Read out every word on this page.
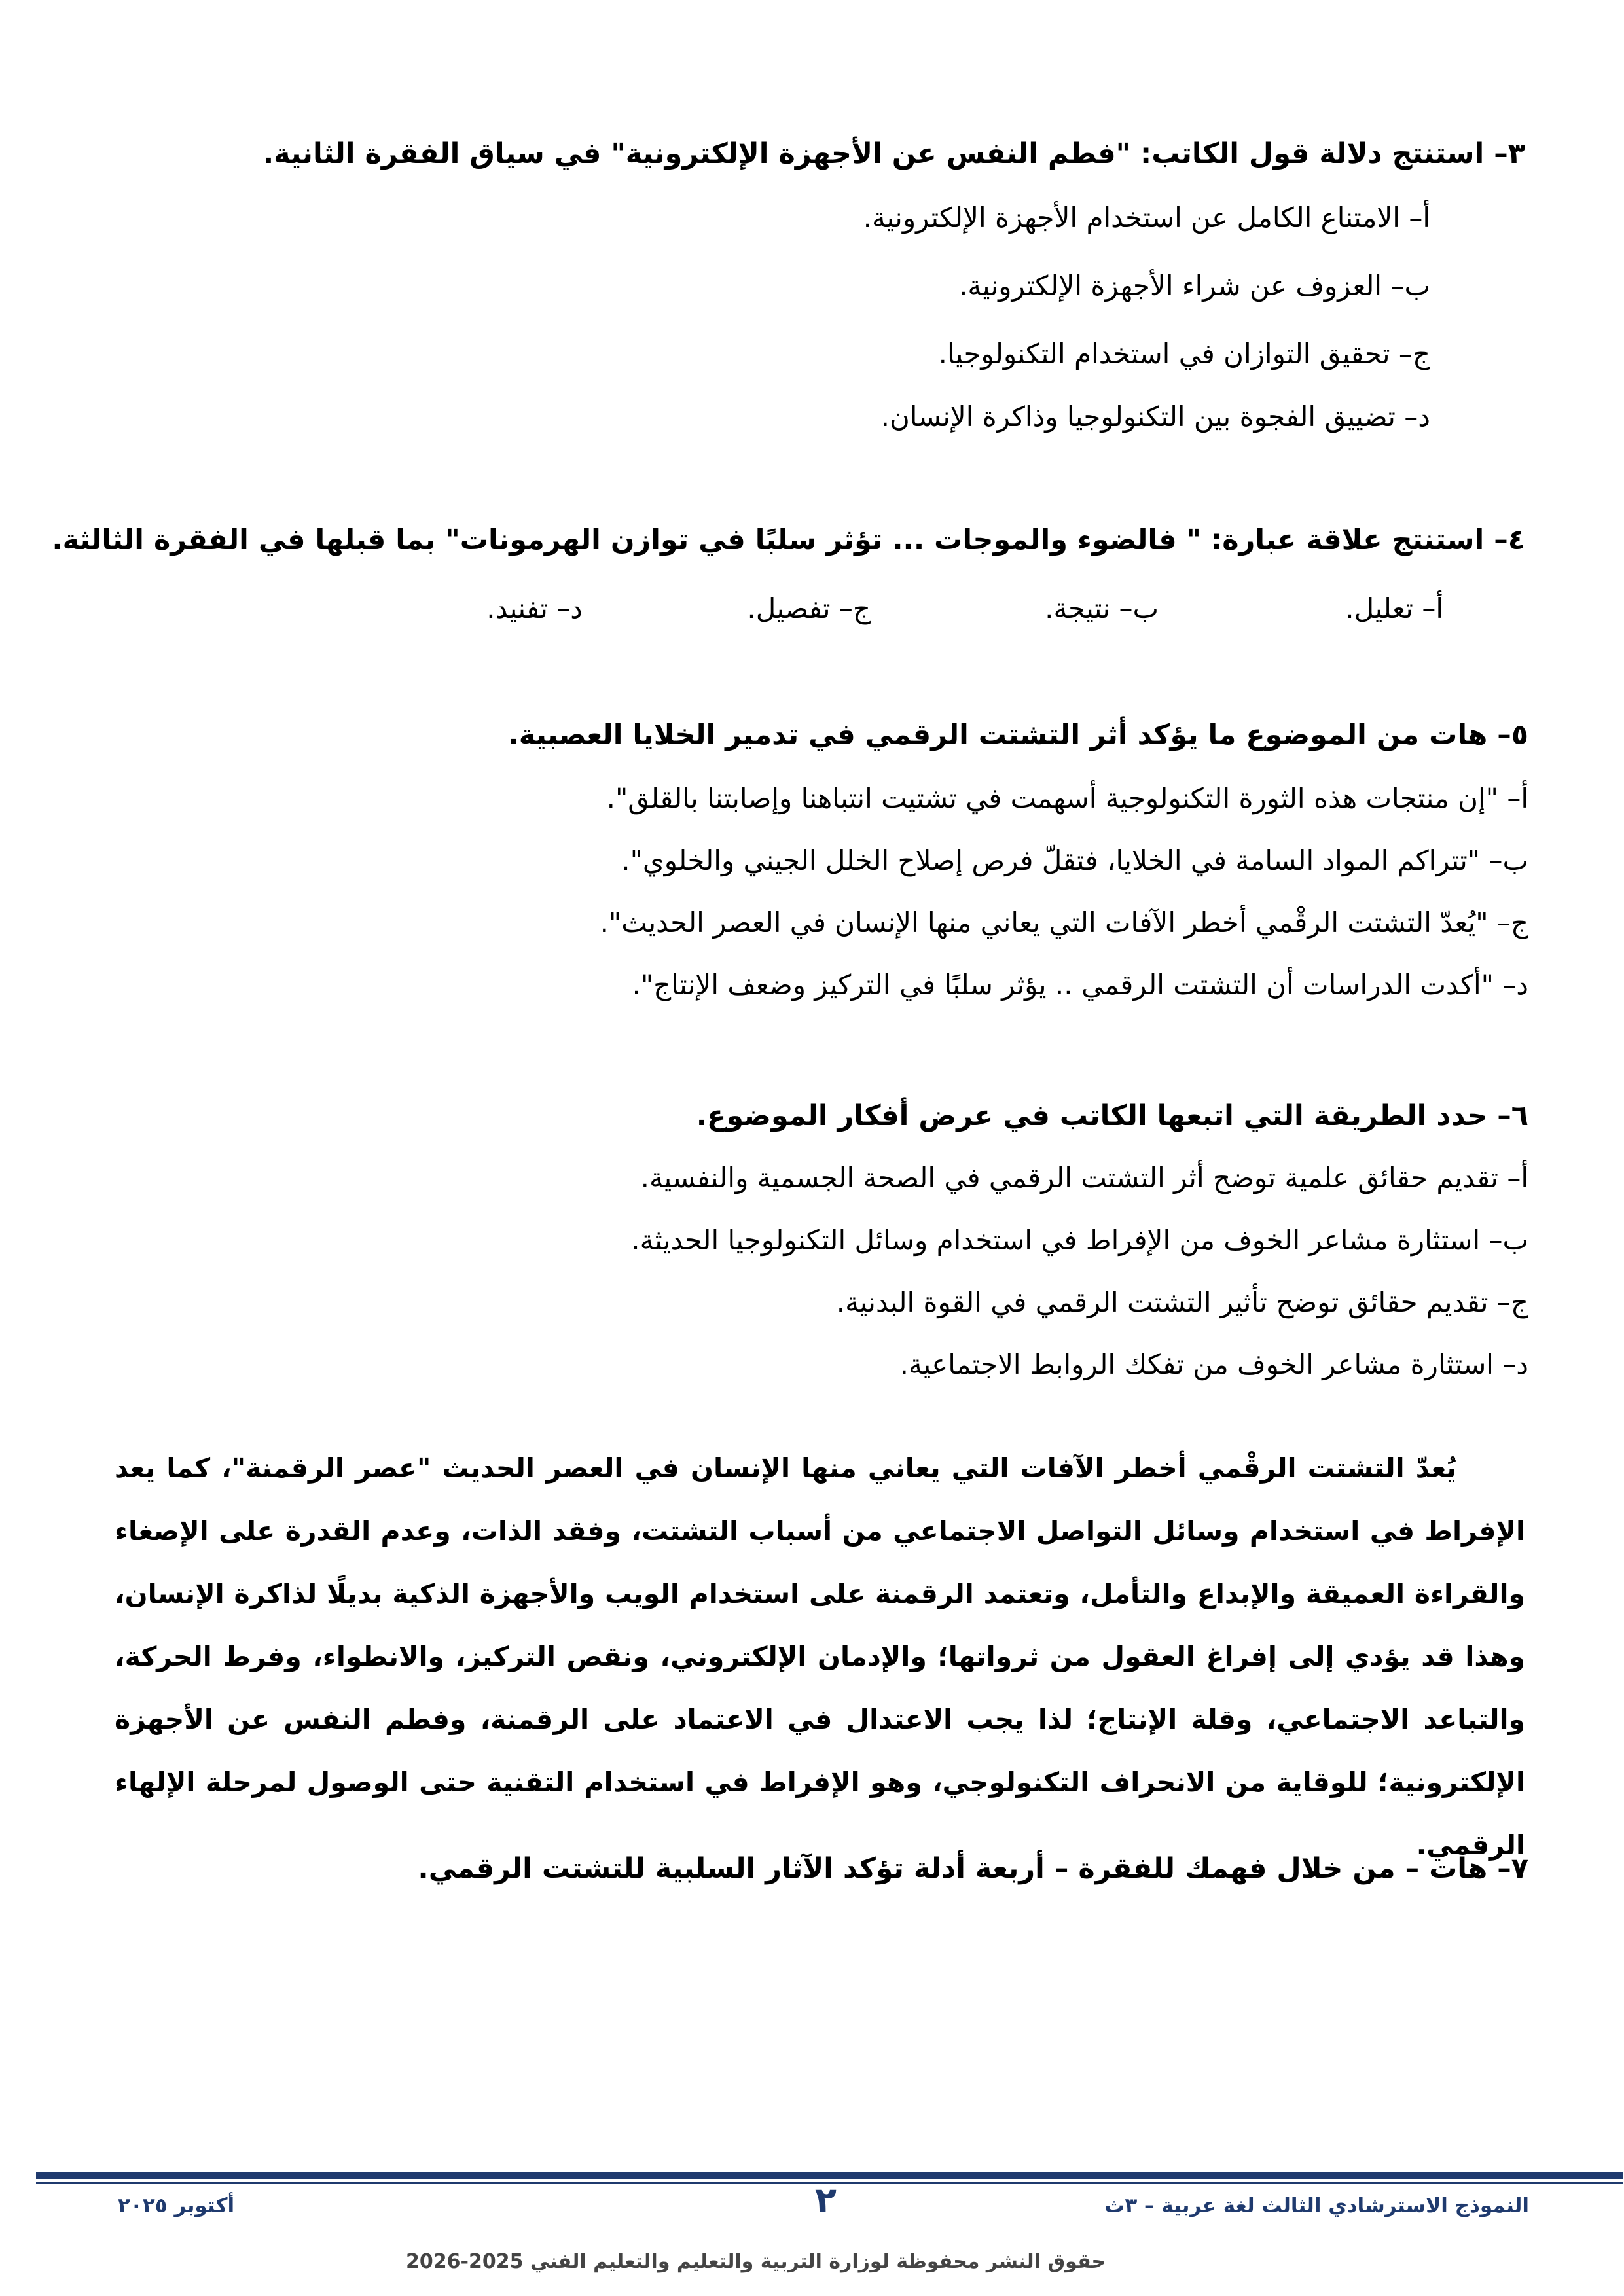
٣– استنتج دلالة قول الكاتب: "فطم النفس عن الأجهزة الإلكترونية" في سياق الفقرة الثانية.

أ– الامتناع الكامل عن استخدام الأجهزة الإلكترونية.

ب– العزوف عن شراء الأجهزة الإلكترونية.

ج– تحقيق التوازان في استخدام التكنولوجيا.

د– تضييق الفجوة بين التكنولوجيا وذاكرة الإنسان.

٤– استنتج علاقة عبارة: " فالضوء والموجات ... تؤثر سلبًا في توازن الهرمونات" بما قبلها في الفقرة الثالثة.

أ– تعليل.
ب– نتيجة.
ج– تفصيل.
د– تفنيد.

٥– هات من الموضوع ما يؤكد أثر التشتت الرقمي في تدمير الخلايا العصبية.

أ– "إن منتجات هذه الثورة التكنولوجية أسهمت في تشتيت انتباهنا وإصابتنا بالقلق".

ب– "تتراكم المواد السامة في الخلايا، فتقلّ فرص إصلاح الخلل الجيني والخلوي".

ج– "يُعدّ التشتت الرقْمي أخطر الآفات التي يعاني منها الإنسان في العصر الحديث".

د– "أكدت الدراسات أن التشتت الرقمي .. يؤثر سلبًا في التركيز وضعف الإنتاج".

٦– حدد الطريقة التي اتبعها الكاتب في عرض أفكار الموضوع.

أ– تقديم حقائق علمية توضح أثر التشتت الرقمي في الصحة الجسمية والنفسية.

ب– استثارة مشاعر الخوف من الإفراط في استخدام وسائل التكنولوجيا الحديثة.

ج– تقديم حقائق توضح تأثير التشتت الرقمي في القوة البدنية.

د– استثارة مشاعر الخوف من تفكك الروابط الاجتماعية.

يُعدّ التشتت الرقْمي أخطر الآفات التي يعاني منها الإنسان في العصر الحديث "عصر الرقمنة"، كما يعد الإفراط في استخدام وسائل التواصل الاجتماعي من أسباب التشتت، وفقد الذات، وعدم القدرة على الإصغاء والقراءة العميقة والإبداع والتأمل، وتعتمد الرقمنة على استخدام الويب والأجهزة الذكية بديلًا لذاكرة الإنسان، وهذا قد يؤدي إلى إفراغ العقول من ثرواتها؛ والإدمان الإلكتروني، ونقص التركيز، والانطواء، وفرط الحركة، والتباعد الاجتماعي، وقلة الإنتاج؛ لذا يجب الاعتدال في الاعتماد على الرقمنة، وفطم النفس عن الأجهزة الإلكترونية؛ للوقاية من الانحراف التكنولوجي، وهو الإفراط في استخدام التقنية حتى الوصول لمرحلة الإلهاء الرقمي.

٧– هات – من خلال فهمك للفقرة – أربعة أدلة تؤكد الآثار السلبية للتشتت الرقمي.

أكتوبر ٢٠٢٥	٢	النموذج الاسترشادي الثالث لغة عربية – ٣ث
حقوق النشر محفوظة لوزارة التربية والتعليم والتعليم الفني 2025-2026
